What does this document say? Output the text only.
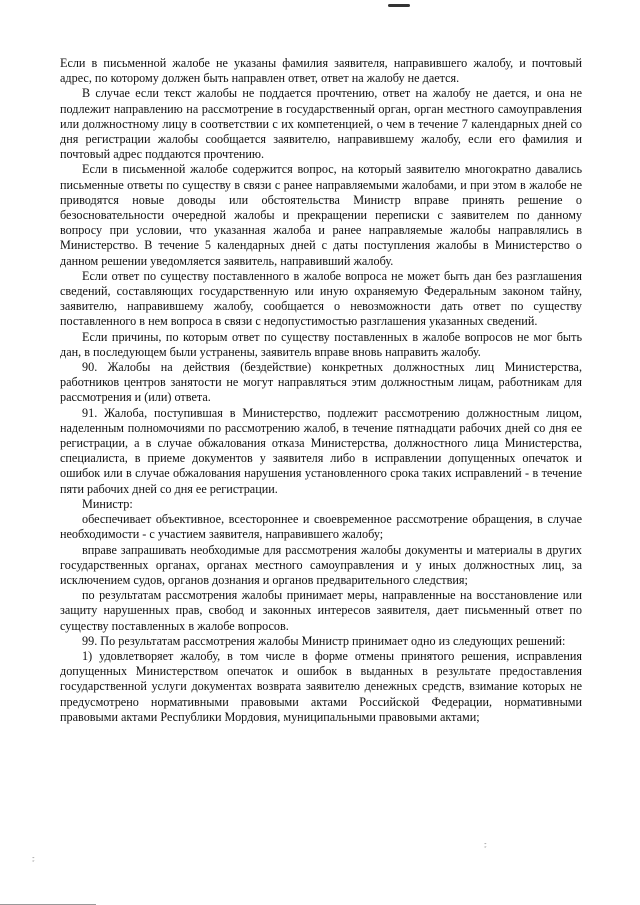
Если в письменной жалобе не указаны фамилия заявителя, направившего жалобу, и почтовый адрес, по которому должен быть направлен ответ, ответ на жалобу не дается.

В случае если текст жалобы не поддается прочтению, ответ на жалобу не дается, и она не подлежит направлению на рассмотрение в государственный орган, орган местного самоуправления или должностному лицу в соответствии с их компетенцией, о чем в течение 7 календарных дней со дня регистрации жалобы сообщается заявителю, направившему жалобу, если его фамилия и почтовый адрес поддаются прочтению.

Если в письменной жалобе содержится вопрос, на который заявителю многократно давались письменные ответы по существу в связи с ранее направляемыми жалобами, и при этом в жалобе не приводятся новые доводы или обстоятельства Министр вправе принять решение о безосновательности очередной жалобы и прекращении переписки с заявителем по данному вопросу при условии, что указанная жалоба и ранее направляемые жалобы направлялись в Министерство. В течение 5 календарных дней с даты поступления жалобы в Министерство о данном решении уведомляется заявитель, направивший жалобу.

Если ответ по существу поставленного в жалобе вопроса не может быть дан без разглашения сведений, составляющих государственную или иную охраняемую Федеральным законом тайну, заявителю, направившему жалобу, сообщается о невозможности дать ответ по существу поставленного в нем вопроса в связи с недопустимостью разглашения указанных сведений.

Если причины, по которым ответ по существу поставленных в жалобе вопросов не мог быть дан, в последующем были устранены, заявитель вправе вновь направить жалобу.

90. Жалобы на действия (бездействие) конкретных должностных лиц Министерства, работников центров занятости не могут направляться этим должностным лицам, работникам для рассмотрения и (или) ответа.

91. Жалоба, поступившая в Министерство, подлежит рассмотрению должностным лицом, наделенным полномочиями по рассмотрению жалоб, в течение пятнадцати рабочих дней со дня ее регистрации, а в случае обжалования отказа Министерства, должностного лица Министерства, специалиста, в приеме документов у заявителя либо в исправлении допущенных опечаток и ошибок или в случае обжалования нарушения установленного срока таких исправлений - в течение пяти рабочих дней со дня ее регистрации.

Министр:

обеспечивает объективное, всестороннее и своевременное рассмотрение обращения, в случае необходимости - с участием заявителя, направившего жалобу;

вправе запрашивать необходимые для рассмотрения жалобы документы и материалы в других государственных органах, органах местного самоуправления и у иных должностных лиц, за исключением судов, органов дознания и органов предварительного следствия;

по результатам рассмотрения жалобы принимает меры, направленные на восстановление или защиту нарушенных прав, свобод и законных интересов заявителя, дает письменный ответ по существу поставленных в жалобе вопросов.

99. По результатам рассмотрения жалобы Министр принимает одно из следующих решений:

1) удовлетворяет жалобу, в том числе в форме отмены принятого решения, исправления допущенных Министерством опечаток и ошибок в выданных в результате предоставления государственной услуги документах возврата заявителю денежных средств, взимание которых не предусмотрено нормативными правовыми актами Российской Федерации, нормативными правовыми актами Республики Мордовия, муниципальными правовыми актами;

꧇
꧇
